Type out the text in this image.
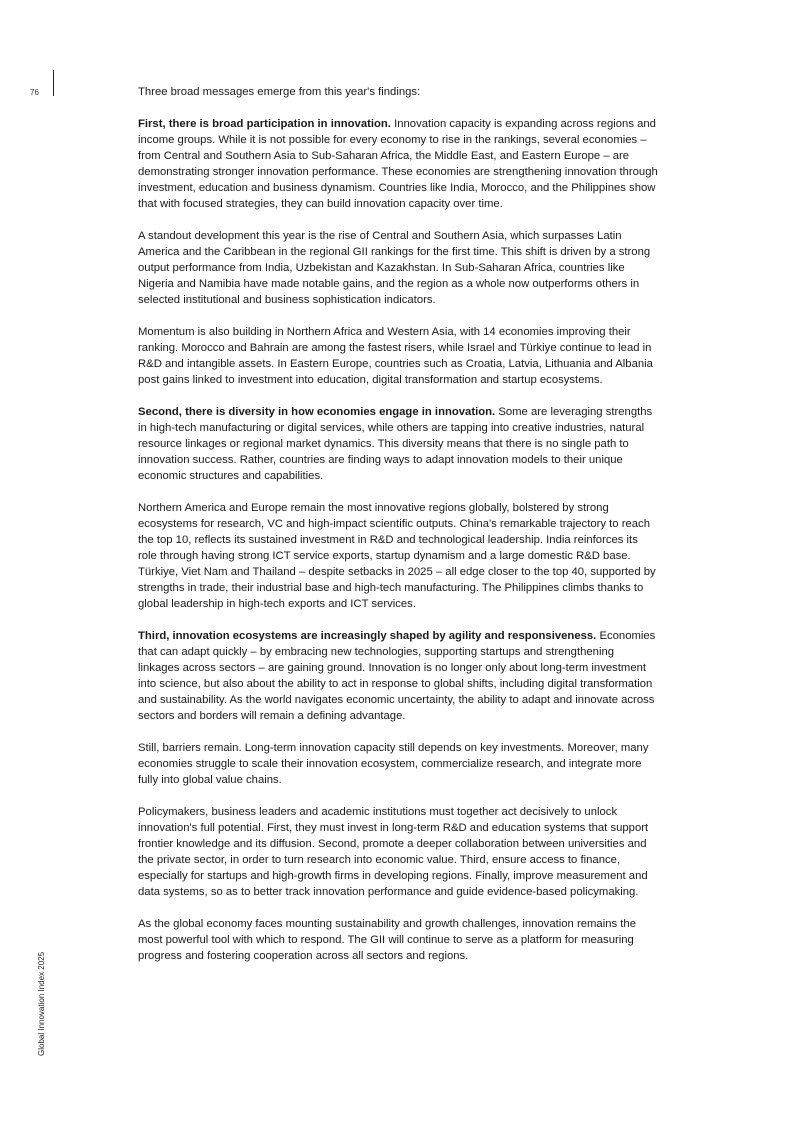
76
Global Innovation Index 2025

Three broad messages emerge from this year's findings:

First, there is broad participation in innovation. Innovation capacity is expanding across regions and income groups. While it is not possible for every economy to rise in the rankings, several economies – from Central and Southern Asia to Sub-Saharan Africa, the Middle East, and Eastern Europe – are demonstrating stronger innovation performance. These economies are strengthening innovation through investment, education and business dynamism. Countries like India, Morocco, and the Philippines show that with focused strategies, they can build innovation capacity over time.

A standout development this year is the rise of Central and Southern Asia, which surpasses Latin America and the Caribbean in the regional GII rankings for the first time. This shift is driven by a strong output performance from India, Uzbekistan and Kazakhstan. In Sub-Saharan Africa, countries like Nigeria and Namibia have made notable gains, and the region as a whole now outperforms others in selected institutional and business sophistication indicators.

Momentum is also building in Northern Africa and Western Asia, with 14 economies improving their ranking. Morocco and Bahrain are among the fastest risers, while Israel and Türkiye continue to lead in R&D and intangible assets. In Eastern Europe, countries such as Croatia, Latvia, Lithuania and Albania post gains linked to investment into education, digital transformation and startup ecosystems.

Second, there is diversity in how economies engage in innovation. Some are leveraging strengths in high-tech manufacturing or digital services, while others are tapping into creative industries, natural resource linkages or regional market dynamics. This diversity means that there is no single path to innovation success. Rather, countries are finding ways to adapt innovation models to their unique economic structures and capabilities.

Northern America and Europe remain the most innovative regions globally, bolstered by strong ecosystems for research, VC and high-impact scientific outputs. China's remarkable trajectory to reach the top 10, reflects its sustained investment in R&D and technological leadership. India reinforces its role through having strong ICT service exports, startup dynamism and a large domestic R&D base. Türkiye, Viet Nam and Thailand – despite setbacks in 2025 – all edge closer to the top 40, supported by strengths in trade, their industrial base and high-tech manufacturing. The Philippines climbs thanks to global leadership in high-tech exports and ICT services.

Third, innovation ecosystems are increasingly shaped by agility and responsiveness. Economies that can adapt quickly – by embracing new technologies, supporting startups and strengthening linkages across sectors – are gaining ground. Innovation is no longer only about long-term investment into science, but also about the ability to act in response to global shifts, including digital transformation and sustainability. As the world navigates economic uncertainty, the ability to adapt and innovate across sectors and borders will remain a defining advantage.

Still, barriers remain. Long-term innovation capacity still depends on key investments. Moreover, many economies struggle to scale their innovation ecosystem, commercialize research, and integrate more fully into global value chains.

Policymakers, business leaders and academic institutions must together act decisively to unlock innovation's full potential. First, they must invest in long-term R&D and education systems that support frontier knowledge and its diffusion. Second, promote a deeper collaboration between universities and the private sector, in order to turn research into economic value. Third, ensure access to finance, especially for startups and high-growth firms in developing regions. Finally, improve measurement and data systems, so as to better track innovation performance and guide evidence-based policymaking.

As the global economy faces mounting sustainability and growth challenges, innovation remains the most powerful tool with which to respond. The GII will continue to serve as a platform for measuring progress and fostering cooperation across all sectors and regions.
